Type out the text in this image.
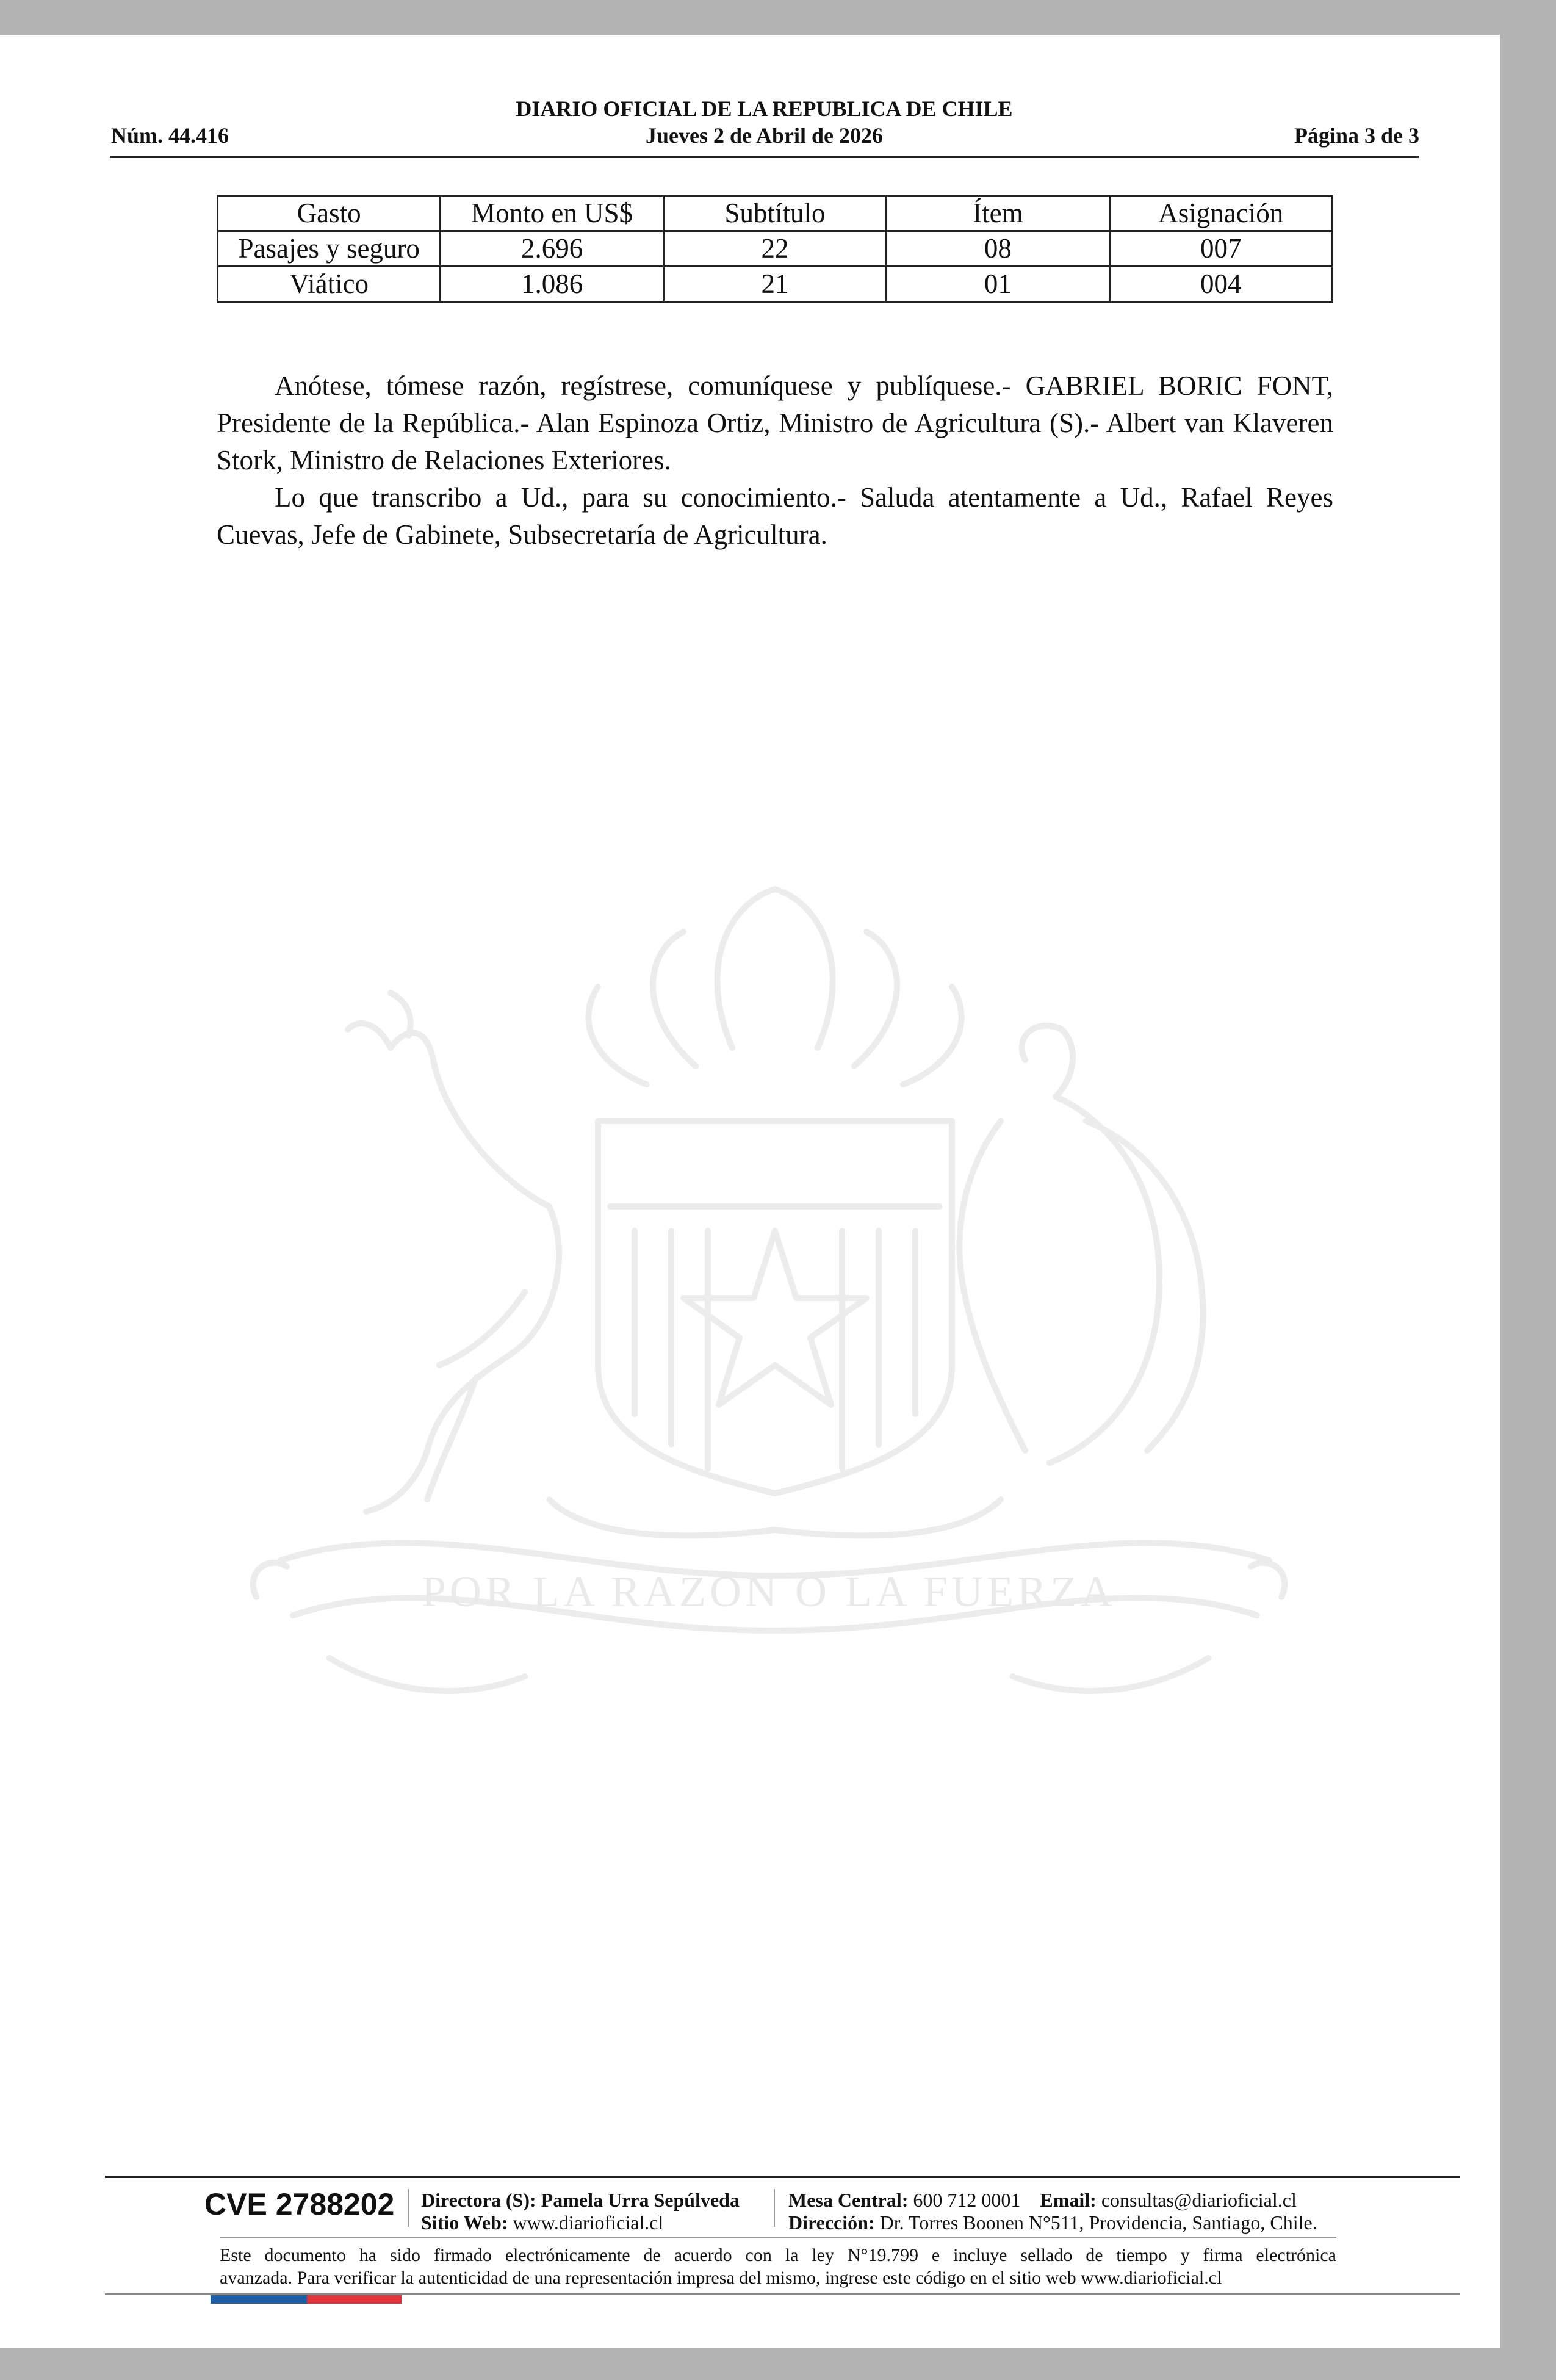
DIARIO OFICIAL DE LA REPUBLICA DE CHILE
Núm. 44.416	Jueves 2 de Abril de 2026	Página 3 de 3
Gasto	Monto en US$	Subtítulo	Ítem	Asignación
Pasajes y seguro	2.696	22	08	007
Viático	1.086	21	01	004

Anótese, tómese razón, regístrese, comuníquese y publíquese.- GABRIEL BORIC FONT, Presidente de la República.- Alan Espinoza Ortiz, Ministro de Agricultura (S).- Albert van Klaveren Stork, Ministro de Relaciones Exteriores.

Lo que transcribo a Ud., para su conocimiento.- Saluda atentamente a Ud., Rafael Reyes Cuevas, Jefe de Gabinete, Subsecretaría de Agricultura.

POR LA RAZON O LA FUERZA
CVE 2788202 Directora (S): Pamela Urra Sepúlveda
Sitio Web: www.diarioficial.cl
Mesa Central: 600 712 0001 Email: consultas@diarioficial.cl
Dirección: Dr. Torres Boonen N°511, Providencia, Santiago, Chile.
Este documento ha sido firmado electrónicamente de acuerdo con la ley N°19.799 e incluye sellado de tiempo y firma electrónica
avanzada. Para verificar la autenticidad de una representación impresa del mismo, ingrese este código en el sitio web www.diarioficial.cl
